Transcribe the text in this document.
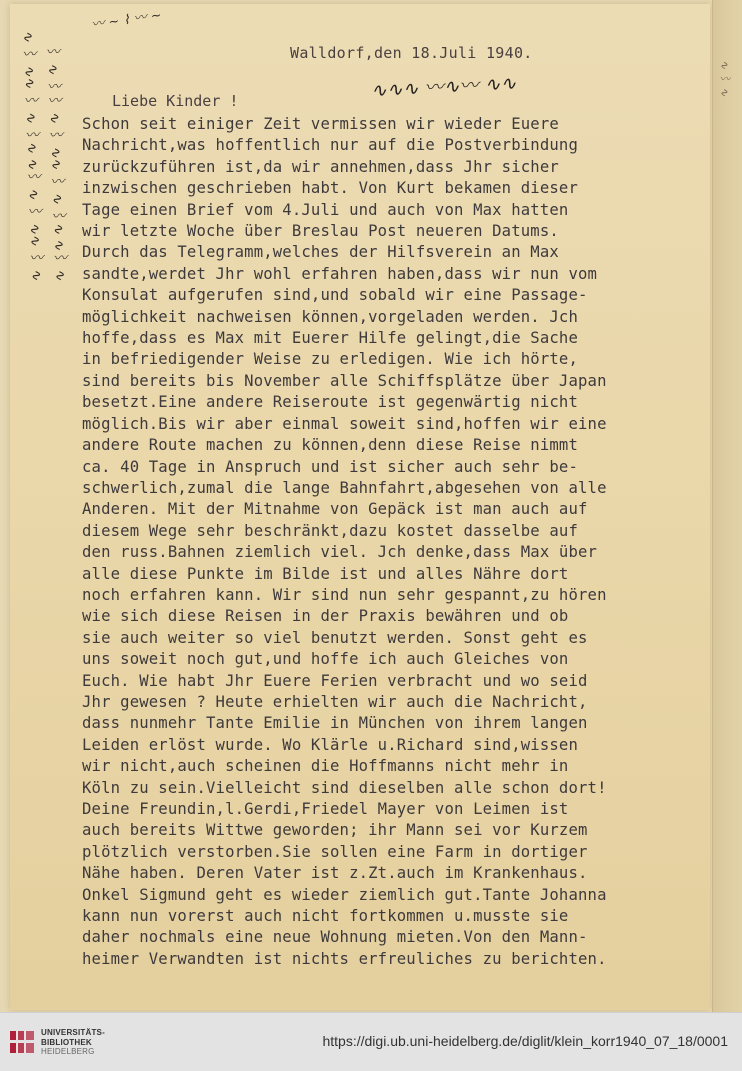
〰︎ ∼ ⌇ 〰︎ ∼
∿∿∿ 〰︎∿〰︎ ∿∿
∿ 〰︎ ∿∿ 〰︎ ∿ 〰︎∿ ∿〰︎ ∿ 〰︎ ∿∿ 〰︎ ∿ 〰︎ ∿ 〰︎〰︎ ∿ 〰︎ ∿∿ 〰︎ ∿ 〰︎∿ ∿〰︎ ∿	∿ 〰︎ ∿
Walldorf,den 18.Juli 1940.
Liebe Kinder !
Schon seit einiger Zeit vermissen wir wieder Euere
Nachricht,was hoffentlich nur auf die Postverbindung
zurückzuführen ist,da wir annehmen,dass Jhr sicher
inzwischen geschrieben habt. Von Kurt bekamen dieser
Tage einen Brief vom 4.Juli und auch von Max hatten
wir letzte Woche über Breslau Post neueren Datums.
Durch das Telegramm,welches der Hilfsverein an Max
sandte,werdet Jhr wohl erfahren haben,dass wir nun vom
Konsulat aufgerufen sind,und sobald wir eine Passage-
möglichkeit nachweisen können,vorgeladen werden. Jch
hoffe,dass es Max mit Euerer Hilfe gelingt,die Sache
in befriedigender Weise zu erledigen. Wie ich hörte,
sind bereits bis November alle Schiffsplätze über Japan
besetzt.Eine andere Reiseroute ist gegenwärtig nicht
möglich.Bis wir aber einmal soweit sind,hoffen wir eine
andere Route machen zu können,denn diese Reise nimmt
ca. 40 Tage in Anspruch und ist sicher auch sehr be-
schwerlich,zumal die lange Bahnfahrt,abgesehen von alle
Anderen. Mit der Mitnahme von Gepäck ist man auch auf
diesem Wege sehr beschränkt,dazu kostet dasselbe auf
den russ.Bahnen ziemlich viel. Jch denke,dass Max über
alle diese Punkte im Bilde ist und alles Nähre dort
noch erfahren kann. Wir sind nun sehr gespannt,zu hören
wie sich diese Reisen in der Praxis bewähren und ob
sie auch weiter so viel benutzt werden. Sonst geht es
uns soweit noch gut,und hoffe ich auch Gleiches von
Euch. Wie habt Jhr Euere Ferien verbracht und wo seid
Jhr gewesen ? Heute erhielten wir auch die Nachricht,
dass nunmehr Tante Emilie in München von ihrem langen
Leiden erlöst wurde. Wo Klärle u.Richard sind,wissen
wir nicht,auch scheinen die Hoffmanns nicht mehr in
Köln zu sein.Vielleicht sind dieselben alle schon dort!
Deine Freundin,l.Gerdi,Friedel Mayer von Leimen ist
auch bereits Wittwe geworden; ihr Mann sei vor Kurzem
plötzlich verstorben.Sie sollen eine Farm in dortiger
Nähe haben. Deren Vater ist z.Zt.auch im Krankenhaus.
Onkel Sigmund geht es wieder ziemlich gut.Tante Johanna
kann nun vorerst auch nicht fortkommen u.musste sie
daher nochmals eine neue Wohnung mieten.Von den Mann-
heimer Verwandten ist nichts erfreuliches zu berichten.
UNIVERSITÄTS-
BIBLIOTHEK
HEIDELBERG
https://digi.ub.uni-heidelberg.de/diglit/klein_korr1940_07_18/0001
